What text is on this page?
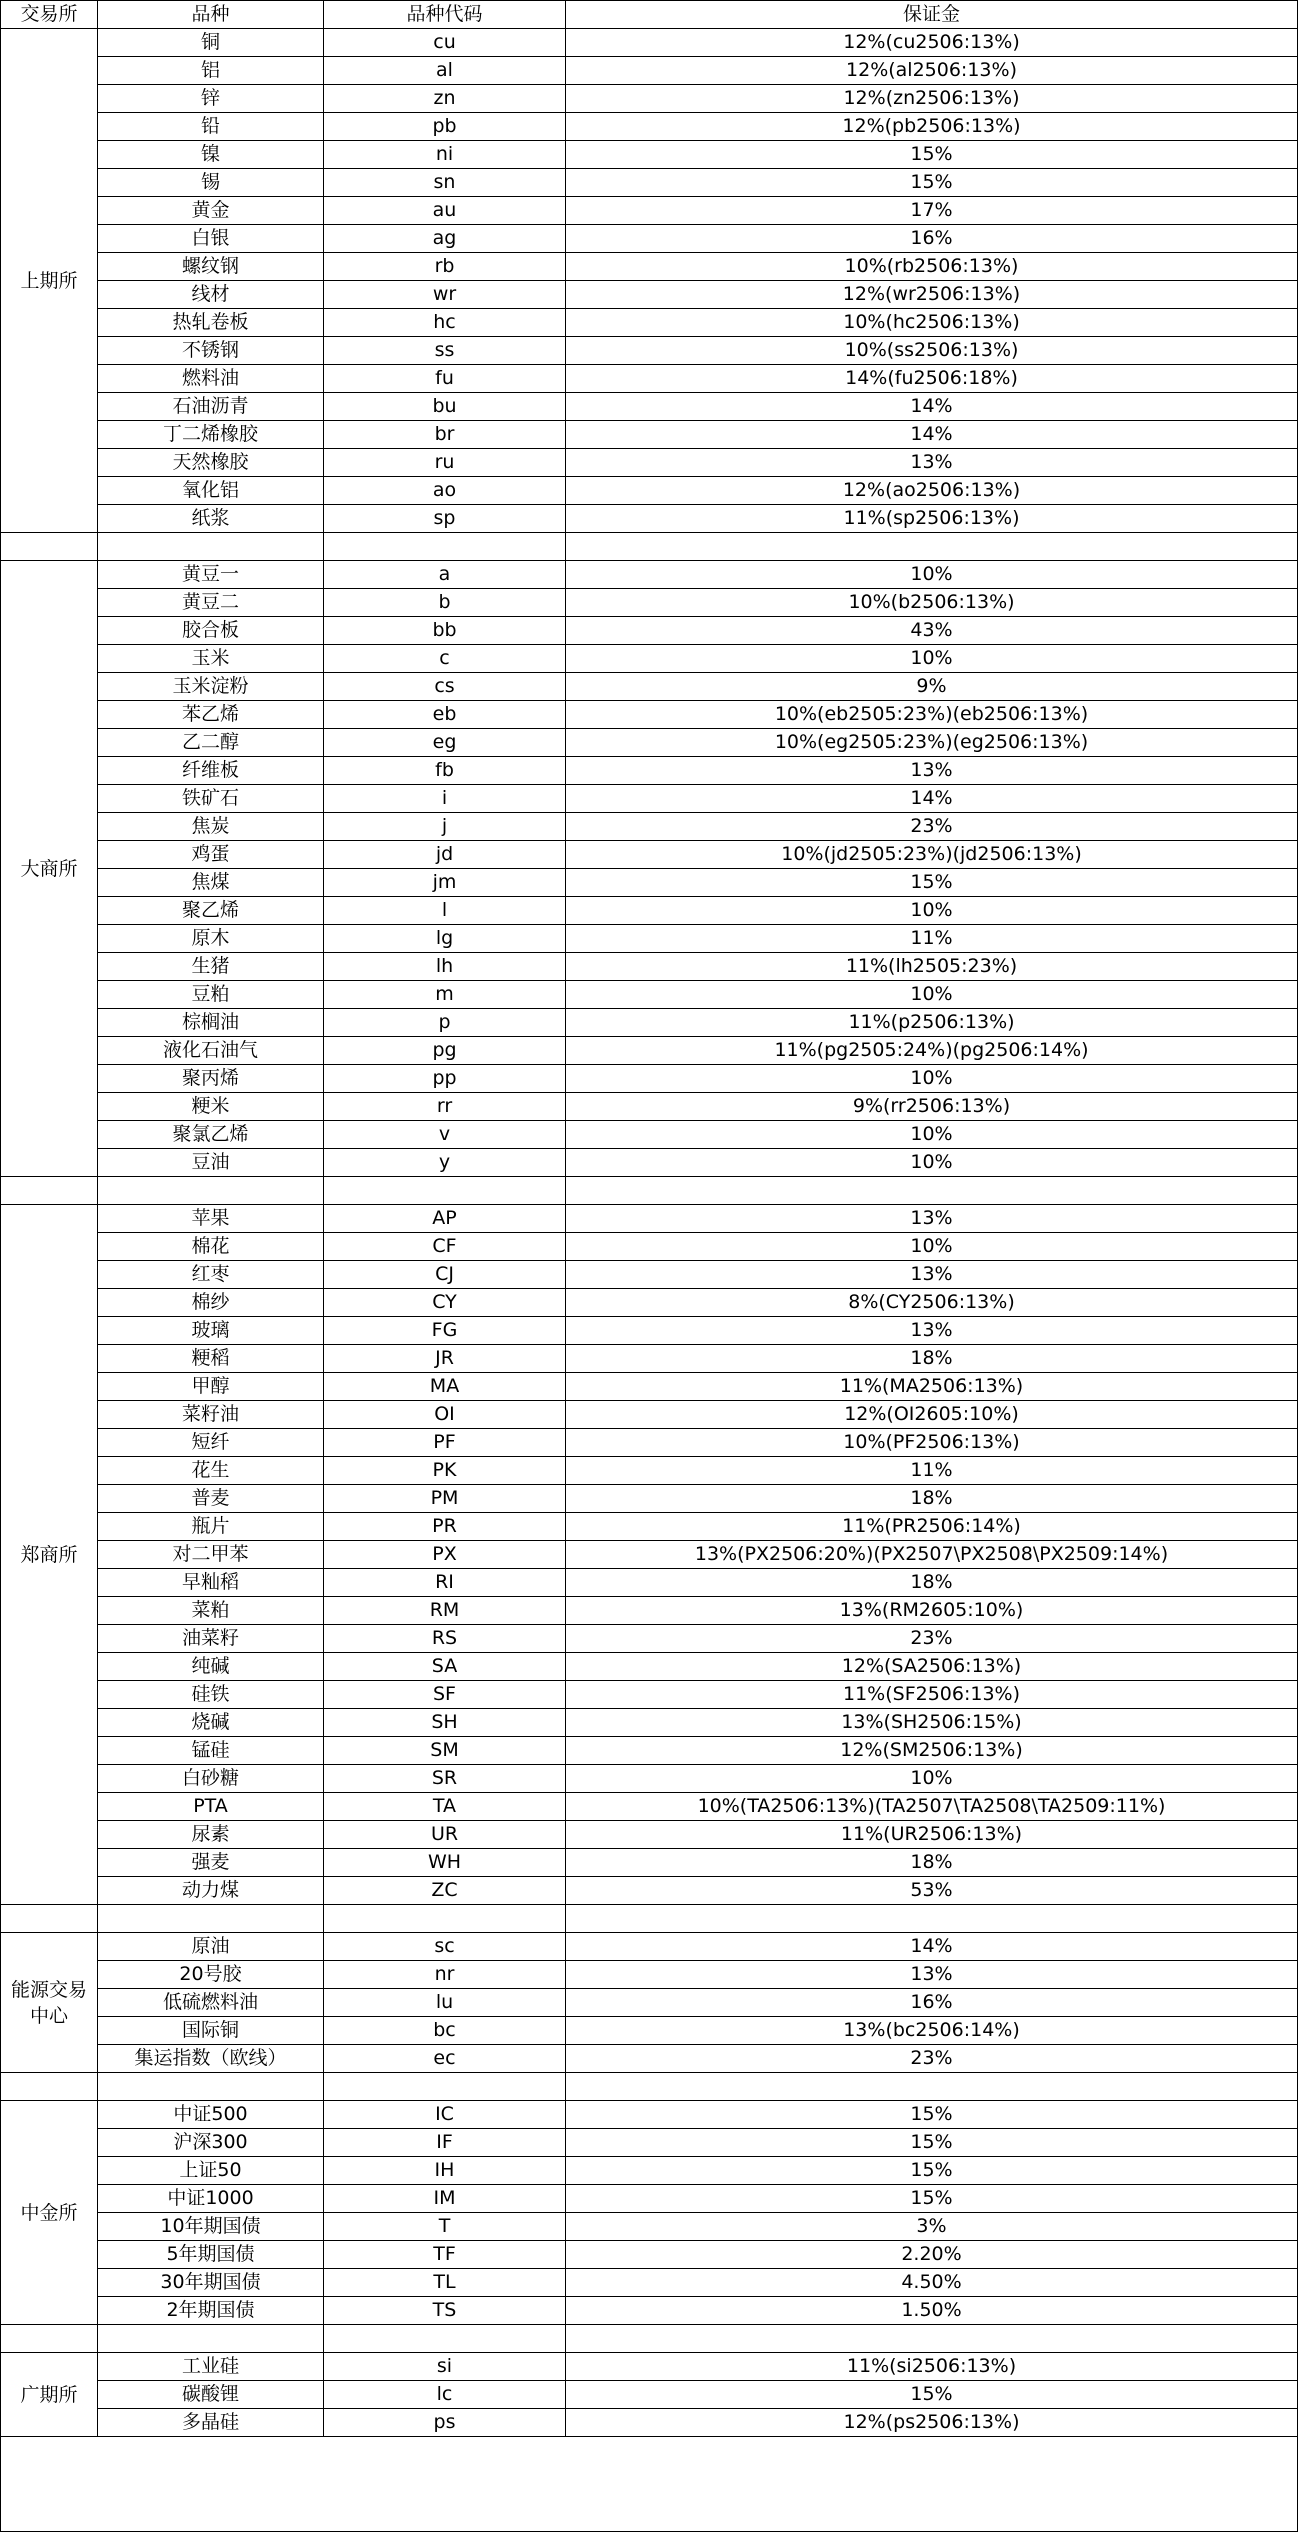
交易所	品种	品种代码	保证金
上期所	铜	cu	12%(cu2506:13%)
	铝	al	12%(al2506:13%)
	锌	zn	12%(zn2506:13%)
	铅	pb	12%(pb2506:13%)
	镍	ni	15%
	锡	sn	15%
	黄金	au	17%
	白银	ag	16%
	螺纹钢	rb	10%(rb2506:13%)
	线材	wr	12%(wr2506:13%)
	热轧卷板	hc	10%(hc2506:13%)
	不锈钢	ss	10%(ss2506:13%)
	燃料油	fu	14%(fu2506:18%)
	石油沥青	bu	14%
	丁二烯橡胶	br	14%
	天然橡胶	ru	13%
	氧化铝	ao	12%(ao2506:13%)
	纸浆	sp	11%(sp2506:13%)

大商所	黄豆一	a	10%
	黄豆二	b	10%(b2506:13%)
	胶合板	bb	43%
	玉米	c	10%
	玉米淀粉	cs	9%
	苯乙烯	eb	10%(eb2505:23%)(eb2506:13%)
	乙二醇	eg	10%(eg2505:23%)(eg2506:13%)
	纤维板	fb	13%
	铁矿石	i	14%
	焦炭	j	23%
	鸡蛋	jd	10%(jd2505:23%)(jd2506:13%)
	焦煤	jm	15%
	聚乙烯	l	10%
	原木	lg	11%
	生猪	lh	11%(lh2505:23%)
	豆粕	m	10%
	棕榈油	p	11%(p2506:13%)
	液化石油气	pg	11%(pg2505:24%)(pg2506:14%)
	聚丙烯	pp	10%
	粳米	rr	9%(rr2506:13%)
	聚氯乙烯	v	10%
	豆油	y	10%

郑商所	苹果	AP	13%
	棉花	CF	10%
	红枣	CJ	13%
	棉纱	CY	8%(CY2506:13%)
	玻璃	FG	13%
	粳稻	JR	18%
	甲醇	MA	11%(MA2506:13%)
	菜籽油	OI	12%(OI2605:10%)
	短纤	PF	10%(PF2506:13%)
	花生	PK	11%
	普麦	PM	18%
	瓶片	PR	11%(PR2506:14%)
	对二甲苯	PX	13%(PX2506:20%)(PX2507\PX2508\PX2509:14%)
	早籼稻	RI	18%
	菜粕	RM	13%(RM2605:10%)
	油菜籽	RS	23%
	纯碱	SA	12%(SA2506:13%)
	硅铁	SF	11%(SF2506:13%)
	烧碱	SH	13%(SH2506:15%)
	锰硅	SM	12%(SM2506:13%)
	白砂糖	SR	10%
	PTA	TA	10%(TA2506:13%)(TA2507\TA2508\TA2509:11%)
	尿素	UR	11%(UR2506:13%)
	强麦	WH	18%
	动力煤	ZC	53%

能源交易中心	原油	sc	14%
	20号胶	nr	13%
	低硫燃料油	lu	16%
	国际铜	bc	13%(bc2506:14%)
	集运指数（欧线）	ec	23%

中金所	中证500	IC	15%
	沪深300	IF	15%
	上证50	IH	15%
	中证1000	IM	15%
	10年期国债	T	3%
	5年期国债	TF	2.20%
	30年期国债	TL	4.50%
	2年期国债	TS	1.50%

广期所	工业硅	si	11%(si2506:13%)
	碳酸锂	lc	15%
	多晶硅	ps	12%(ps2506:13%)
